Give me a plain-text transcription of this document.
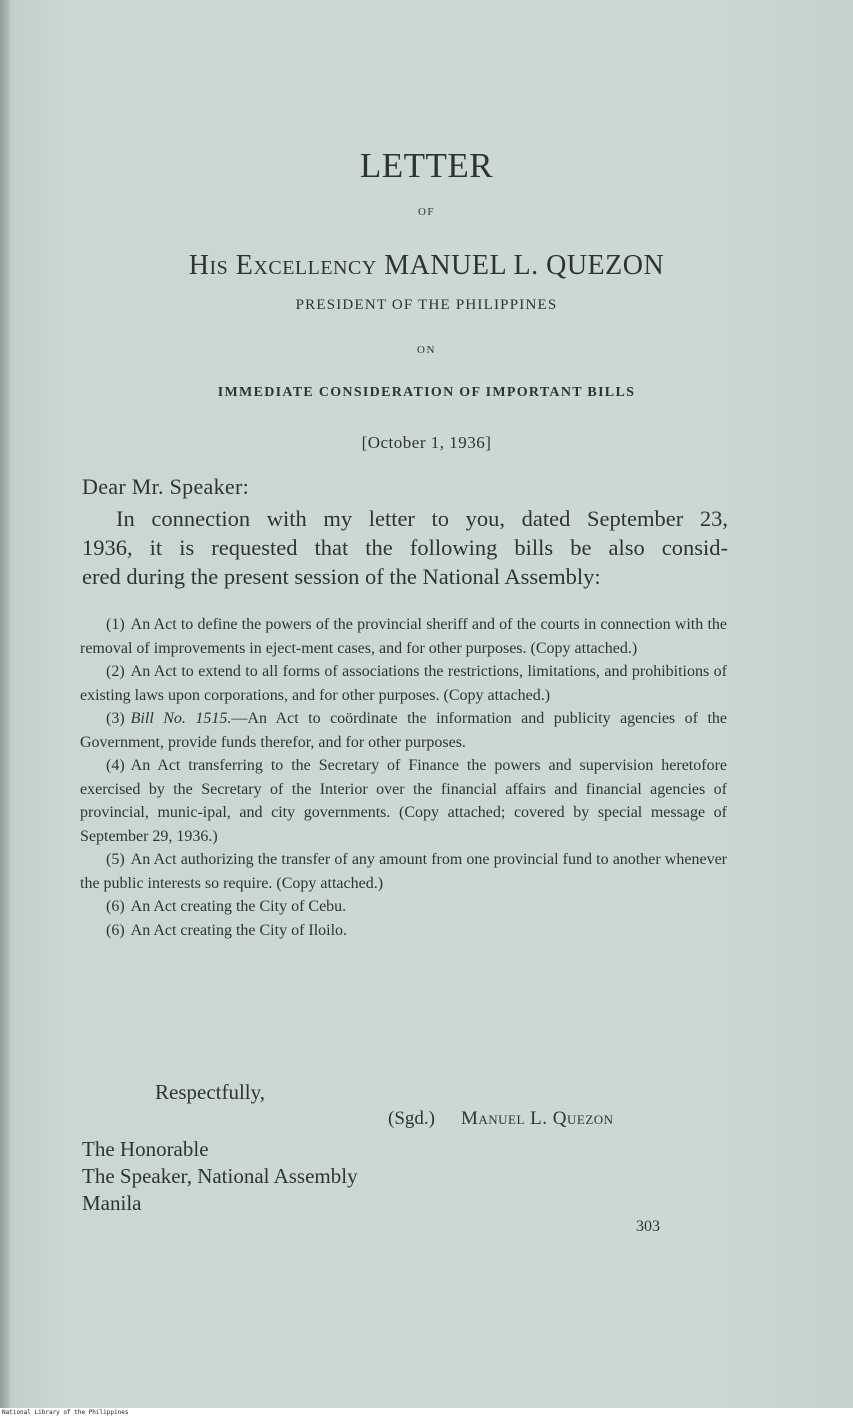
LETTER
OF
His Excellency MANUEL L. QUEZON
PRESIDENT OF THE PHILIPPINES
ON
IMMEDIATE CONSIDERATION OF IMPORTANT BILLS
[October 1, 1936]
Dear Mr. Speaker:
In connection with my letter to you, dated September 23,
1936, it is requested that the following bills be also consid-
ered during the present session of the National Assembly:
(1) An Act to define the powers of the provincial sheriff and of the courts in connection with the removal of improvements in eject-ment cases, and for other purposes. (Copy attached.)
(2) An Act to extend to all forms of associations the restrictions, limitations, and prohibitions of existing laws upon corporations, and for other purposes. (Copy attached.)
(3) Bill No. 1515.—An Act to coördinate the information and publicity agencies of the Government, provide funds therefor, and for other purposes.
(4) An Act transferring to the Secretary of Finance the powers and supervision heretofore exercised by the Secretary of the Interior over the financial affairs and financial agencies of provincial, munic-ipal, and city governments. (Copy attached; covered by special message of September 29, 1936.)
(5) An Act authorizing the transfer of any amount from one provincial fund to another whenever the public interests so require. (Copy attached.)
(6) An Act creating the City of Cebu.
(6) An Act creating the City of Iloilo.
Respectfully,
(Sgd.) Manuel L. Quezon
The Honorable
The Speaker, National Assembly
Manila
303
National Library of the Philippines
